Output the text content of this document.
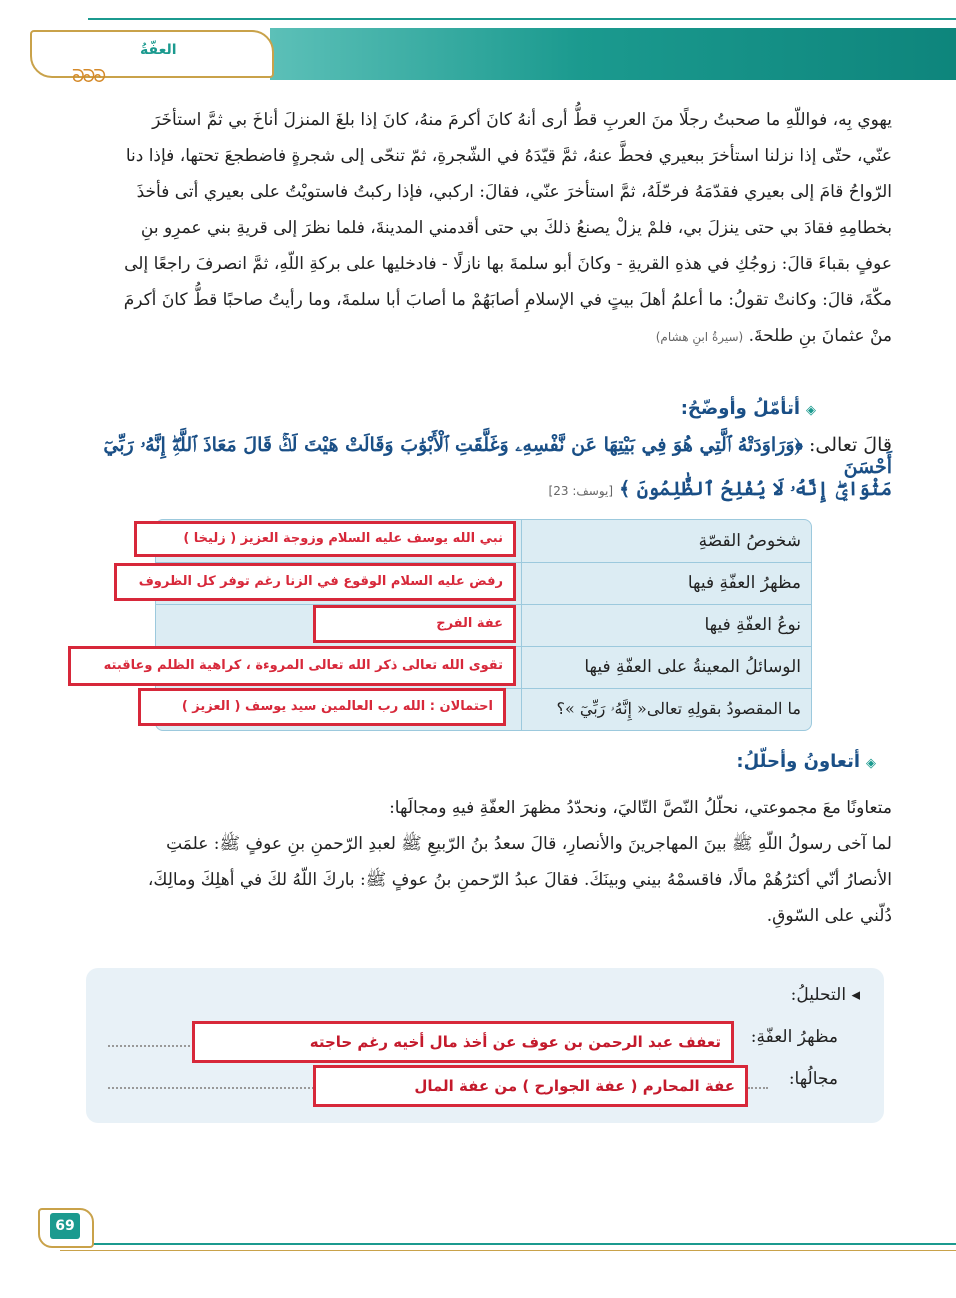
العفّةُ
ᘐᘐᘐ
يهوي بِه، فواللّهِ ما صحبتُ رجلًا منَ العربِ قطُّ أرى أنهُ كانَ أكرمَ منهُ، كانَ إذا بلغَ المنزلَ أناخَ بي ثمَّ استأخَرَ
عنّي، حتّى إذا نزلنا استأخرَ ببعيري فحطَّ عنهُ، ثمَّ قيّدَهُ في الشّجرةِ، ثمّ تنحّى إلى شجرةٍ فاضطجعَ تحتها، فإذا دنا
الرّواحُ قامَ إلى بعيري فقدّمَهُ فرحّلَهُ، ثمَّ استأخرَ عنّي، فقالَ: اركبي، فإذا ركبتُ فاستويْتُ على بعيري أتى فأخذَ
بخطامِهِ فقادَ بي حتى ينزلَ بي، فلمْ يزلْ يصنعُ ذلكَ بي حتى أقدمني المدينةَ، فلما نظرَ إلى قريةِ بني عمرِو بنِ
عوفٍ بقباءَ قالَ: زوجُكِ في هذهِ القريةِ - وكانَ أبو سلمةَ بها نازلًا - فادخليها على بركةِ اللّهِ، ثمَّ انصرفَ راجعًا إلى
مكّةَ، قالَ: وكانتْ تقولُ: ما أعلمُ أهلَ بيتٍ في الإسلامِ أصابَهُمْ ما أصابَ أبا سلمةَ، وما رأيتُ صاحبًا قطُّ كانَ أكرمَ
منْ عثمانَ بنِ طلحةَ. (سيرةُ ابنِ هشام)
◈أتأمّلُ وأوضّحُ:
قالَ تعالى: ﴿وَرَاوَدَتْهُ ٱلَّتِي هُوَ فِي بَيْتِهَا عَن نَّفْسِهِۦ وَغَلَّقَتِ ٱلْأَبْوَٰبَ وَقَالَتْ هَيْتَ لَكَۚ قَالَ مَعَاذَ ٱللَّهِۖ إِنَّهُۥ رَبِّيٓ أَحْسَنَ
مَثْوَايَۖ إِنَّهُۥ لَا يُفْلِحُ ٱلظَّٰلِمُونَ ﴾ [يوسف: 23]
شخوصُ القصّةِ
مظهرُ العفّةِ فيها
نوعُ العفّةِ فيها
الوسائلُ المعينةُ على العفّةِ فيها
ما المقصودُ بقولِهِ تعالى« إِنَّهُۥ رَبِّيٓ »؟
نبي الله يوسف عليه السلام وزوجة العزيز ( زليخا )
رفض عليه السلام الوقوع في الزنا رغم توفر كل الظروف
عفة الفرج
تقوى الله تعالى ذكر الله تعالى المروءة ، كراهية الظلم وعاقبته
احتمالان : الله رب العالمين سيد يوسف ( العزيز )
◈أتعاونُ وأحلّلُ:
متعاونًا معَ مجموعتي، نحلّلُ النّصَّ التّاليَ، ونحدّدُ مظهرَ العفّةِ فيهِ ومجالَها:
لما آخى رسولُ اللّهِ ﷺ بينَ المهاجرينَ والأنصارِ، قالَ سعدُ بنُ الرّبيعِ ﷺ لعبدِ الرّحمنِ بنِ عوفٍ ﷺ: علمَتِ
الأنصارُ أنّي أكثرُهُمْ مالًا، فاقسمْهُ بيني وبينَكَ. فقالَ عبدُ الرّحمنِ بنُ عوفٍ ﷺ: باركَ اللّهُ لكَ في أهلِكَ ومالِكَ،
دُلّني على السّوقِ.
◂ التحليلُ:
مظهرُ العفّةِ:
تعفف عبد الرحمن بن عوف عن أخذ مال أخيه رغم حاجته
مجالُها:
عفة المحارم ( عفة الجوارح ) من عفة المال
69
